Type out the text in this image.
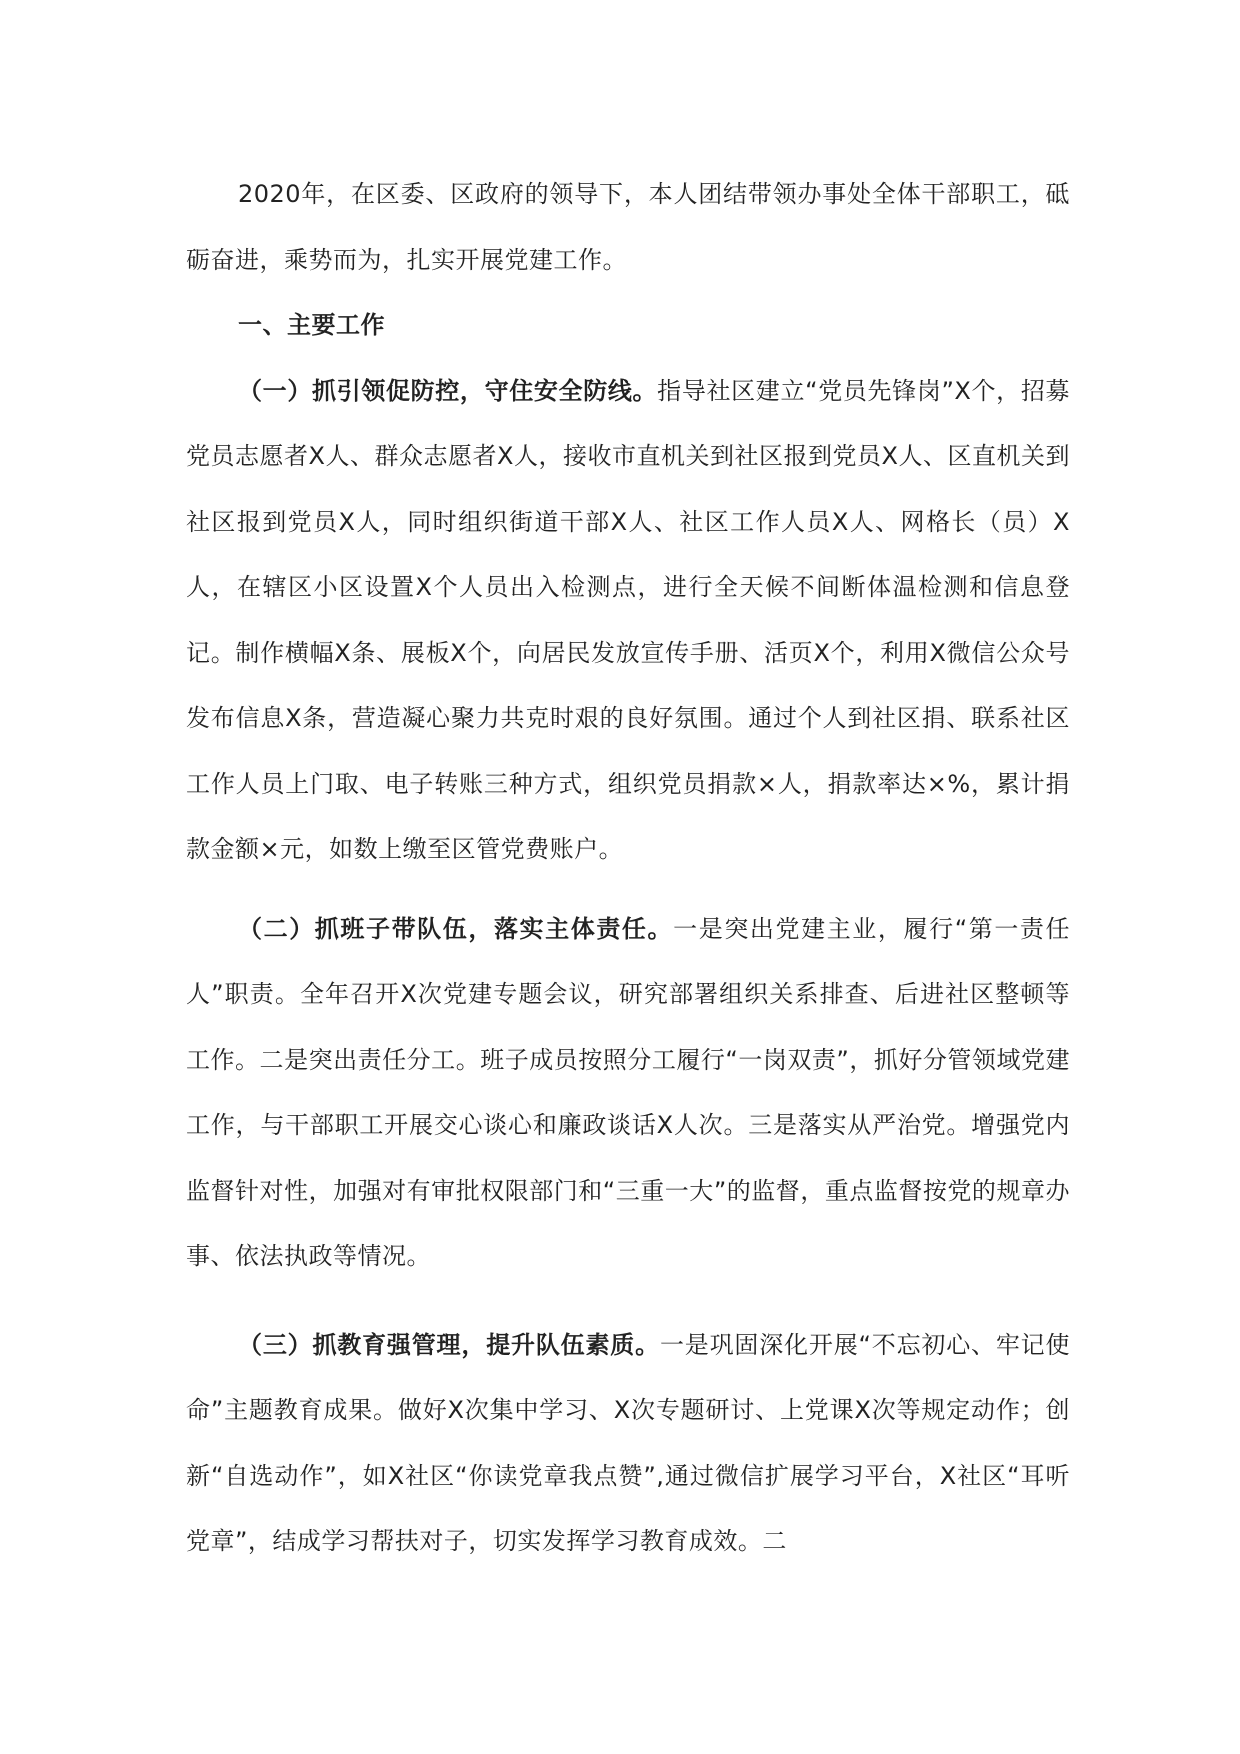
2020年，在区委、区政府的领导下，本人团结带领办事处全体干部职工，砥砺奋进，乘势而为，扎实开展党建工作。

一、主要工作

（一）抓引领促防控，守住安全防线。指导社区建立“党员先锋岗”X个，招募党员志愿者X人、群众志愿者X人，接收市直机关到社区报到党员X人、区直机关到社区报到党员X人，同时组织街道干部X人、社区工作人员X人、网格长（员）X人，在辖区小区设置X个人员出入检测点，进行全天候不间断体温检测和信息登记。制作横幅X条、展板X个，向居民发放宣传手册、活页X个，利用X微信公众号发布信息X条，营造凝心聚力共克时艰的良好氛围。通过个人到社区捐、联系社区工作人员上门取、电子转账三种方式，组织党员捐款×人，捐款率达×%，累计捐款金额×元，如数上缴至区管党费账户。

（二）抓班子带队伍，落实主体责任。一是突出党建主业，履行“第一责任人”职责。全年召开X次党建专题会议，研究部署组织关系排查、后进社区整顿等工作。二是突出责任分工。班子成员按照分工履行“一岗双责”，抓好分管领域党建工作，与干部职工开展交心谈心和廉政谈话X人次。三是落实从严治党。增强党内监督针对性，加强对有审批权限部门和“三重一大”的监督，重点监督按党的规章办事、依法执政等情况。

（三）抓教育强管理，提升队伍素质。一是巩固深化开展“不忘初心、牢记使命”主题教育成果。做好X次集中学习、X次专题研讨、上党课X次等规定动作；创新“自选动作”，如X社区“你读党章我点赞”,通过微信扩展学习平台，X社区“耳听党章”，结成学习帮扶对子，切实发挥学习教育成效。二
